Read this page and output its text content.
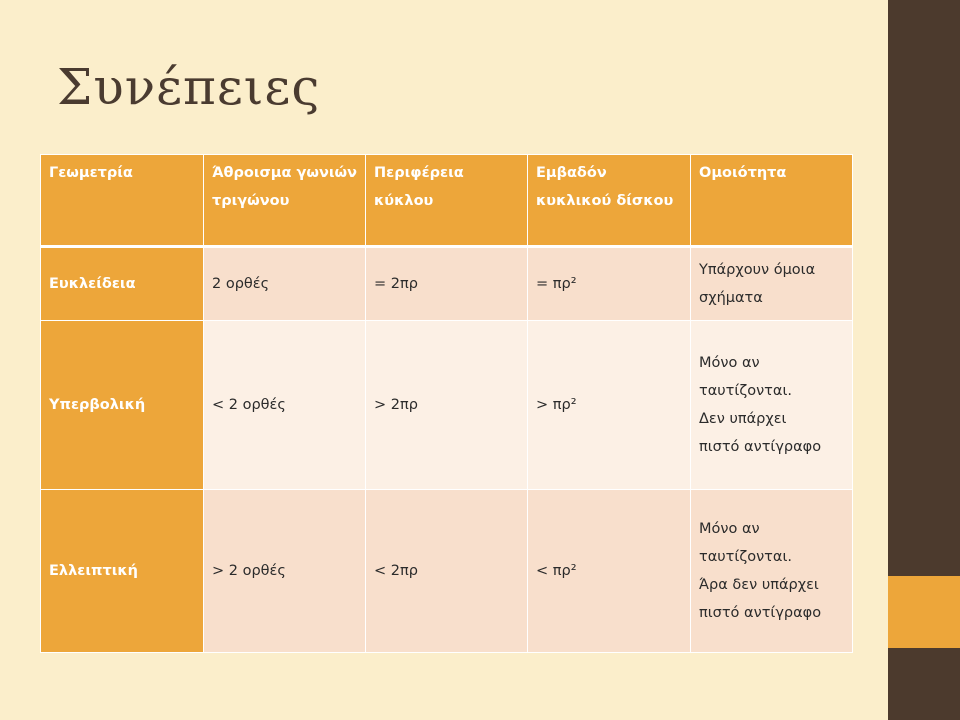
Συνέπειες
Γεωμετρία	Άθροισμα γωνιών τριγώνου	Περιφέρεια κύκλου	Εμβαδόν κυκλικού δίσκου	Ομοιότητα
Ευκλείδεια	2 ορθές	= 2πρ	= πρ²	Υπάρχουν όμοια
σχήματα

Υπερβολική	< 2 ορθές	> 2πρ	> πρ²	Μόνο αν
ταυτίζονται.
Δεν υπάρχει
πιστό αντίγραφο

Ελλειπτική	> 2 ορθές	< 2πρ	< πρ²	Μόνο αν
ταυτίζονται.
Άρα δεν υπάρχει
πιστό αντίγραφο
